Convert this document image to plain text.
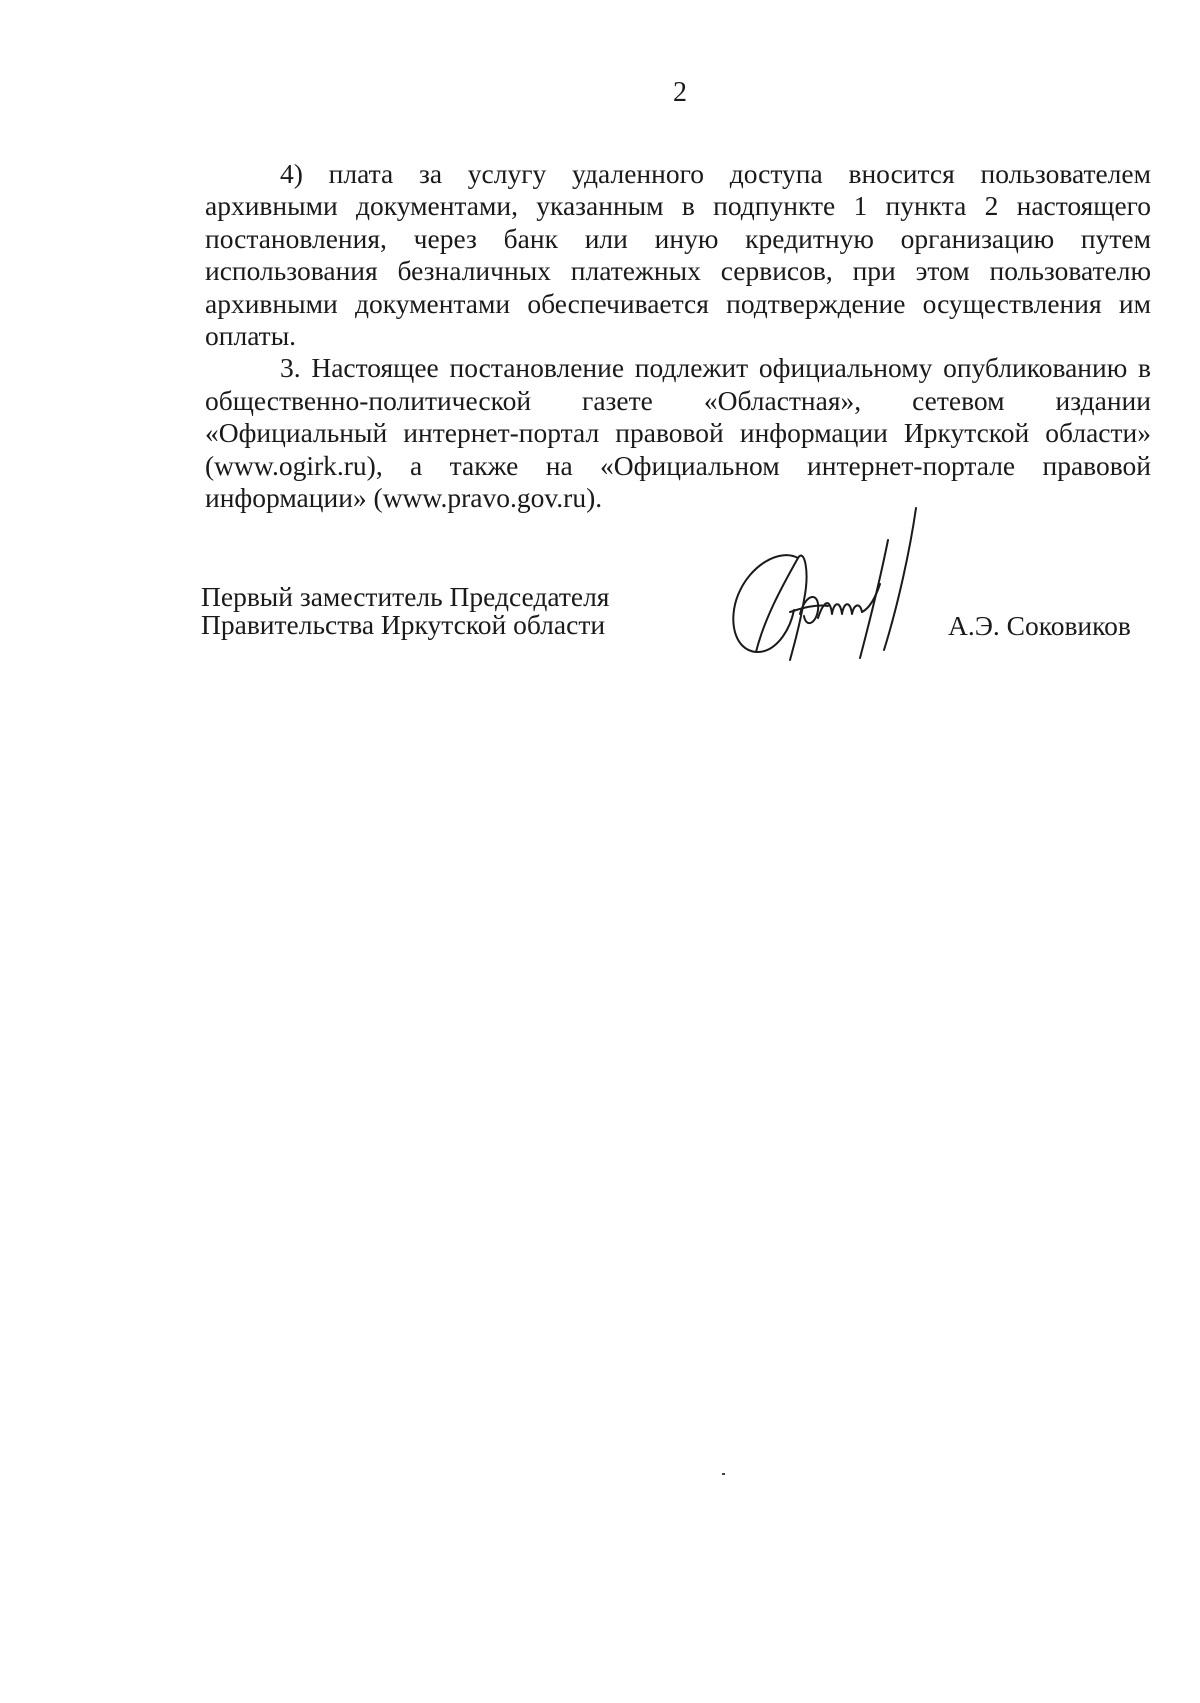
2

4) плата за услугу удаленного доступа вносится пользователем архивными документами, указанным в подпункте 1 пункта 2 настоящего постановления, через банк или иную кредитную организацию путем использования безналичных платежных сервисов, при этом пользователю архивными документами обеспечивается подтверждение осуществления им оплаты.

3. Настоящее постановление подлежит официальному опубликованию в общественно-политической газете «Областная», сетевом издании «Официальный интернет-портал правовой информации Иркутской области» (www.ogirk.ru), а также на «Официальном интернет-портале правовой информации» (www.pravo.gov.ru).

Первый заместитель Председателя
Правительства Иркутской области	А.Э. Соковиков
